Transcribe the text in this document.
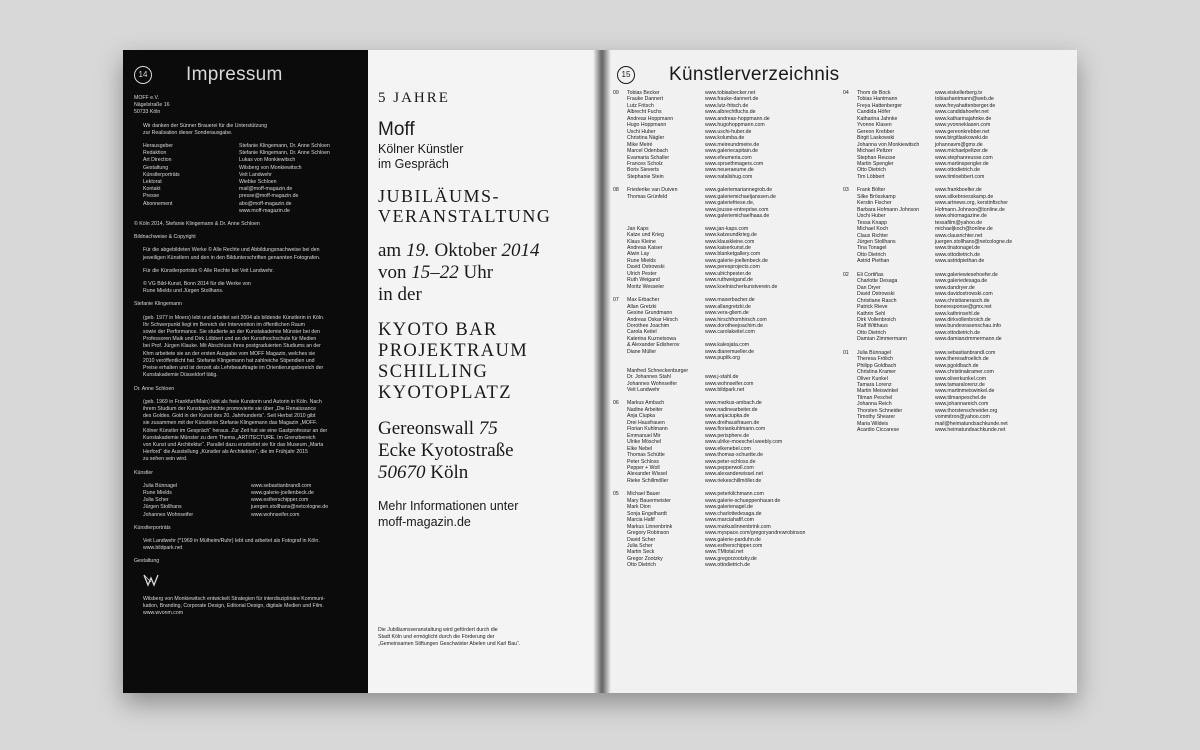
14 Impressum
MOFF e.V.
Nägelstraße 16
50733 Köln
Wir danken der Sünner Brauerei für die Unterstützung
zur Realisation dieser Sonderausgabe.
Herausgeber	Stefanie Klingemann, Dr. Anne Schloen
Redaktion	Stefanie Klingemann, Dr. Anne Schloen
Art Direction	Lukas von Monkiewitsch
Gestaltung	Wilsberg von Monkiewitsch
Künstlerporträts	Veit Landwehr
Lektorat	Wiebke Schloen
Kontakt	mail@moff-magazin.de
Presse	presse@moff-magazin.de
Abonnement	abo@moff-magazin.de
www.moff-magazin.de
© Köln 2014, Stefanie Klingemann & Dr. Anne Schloen
Bildnachweise & Copyright
Für die abgebildeten Werke © Alle Rechte und Abbildungsnachweise bei den
jeweiligen Künstlern und den in den Bildunterschriften genannten Fotografen.
Für die Künstlerporträts © Alle Rechte bei Veit Landwehr.
© VG Bild-Kunst, Bonn 2014 für die Werke von
Rune Mields und Jürgen Stollhans.
Stefanie Klingemann
(geb. 1977 in Moers) lebt und arbeitet seit 2004 als bildende Künstlerin in Köln.
Ihr Schwerpunkt liegt im Bereich der Intervention im öffentlichen Raum
sowie der Performance. Sie studierte an der Kunstakademie Münster bei den
Professoren Maik und Dirk Löbbert und an der Kunsthochschule für Medien
bei Prof. Jürgen Klauke. Mit Abschluss ihres postgraduierten Studiums an der
Khm arbeitete sie an der ersten Ausgabe vom MOFF Magazin, welches sie
2010 veröffentlicht hat. Stefanie Klingemann hat zahlreiche Stipendien und
Preise erhalten und ist derzeit als Lehrbeauftragte im Orientierungsbereich der
Kunstakademie Düsseldorf tätig.
Dr. Anne Schloen
(geb. 1969 in Frankfurt/Main) lebt als freie Kuratorin und Autorin in Köln. Nach
ihrem Studium der Kunstgeschichte promovierte sie über „Die Renaissance
des Goldes. Gold in der Kunst des 20. Jahrhunderts“. Seit Herbst 2010 gibt
sie zusammen mit der Künstlerin Stefanie Klingemann das Magazin „MOFF.
Kölner Künstler im Gespräch“ heraus. Zur Zeit hat sie eine Gastprofessur an der
Kunstakademie Münster zu dem Thema „ARTITECTURE. Im Grenzbereich
von Kunst und Architektur“. Parallel dazu erarbeitet sie für das Museum „Marta
Herford“ die Ausstellung „Künstler als Architekten“, die im Frühjahr 2015
zu sehen sein wird.
Künstler
Julia Bünnagel	www.sebastianbrandl.com
Rune Mields	www.galerie-joellenbeck.de
Julia Scher	www.estherschipper.com
Jürgen Stollhans	juergen.stollhans@netcologne.de
Johannes Wohnseifer	www.wohnseifer.com
Künstlerporträts
Veit Landwehr (*1969 in Mülheim/Ruhr) lebt und arbeitet als Fotograf in Köln.
www.bildpark.net
Gestaltung
Wilsberg von Monkiewitsch entwickelt Strategien für interdisziplinäre Kommuni-
kation, Branding, Corporate Design, Editorial Design, digitale Medien und Film.
www.wvonm.com
5 JAHRE
Moff
Kölner Künstler
im Gespräch
JUBILÄUMS-
VERANSTALTUNG
am 19. Oktober 2014
von 15–22 Uhr
in der
KYOTO BAR
PROJEKTRAUM
SCHILLING
KYOTOPLATZ
Gereonswall 75
Ecke Kyotostraße
50670 Köln
Mehr Informationen unter
moff-magazin.de
Die Jubiläumsveranstaltung wird gefördert durch die
Stadt Köln und ermöglicht durch die Förderung der
„Gemeinsamen Stiftungen Geschwister Abelen und Karl Bau“.
15 Künstlerverzeichnis
09	Tobias Becker	www.tobiasbecker.net
Frauke Dannert	www.frauke-dannert.de
Lutz Fritsch	www.lutz-fritsch.de
Albrecht Fuchs	www.albrechtfuchs.de
Andreas Hoppmann	www.andreas-hoppmann.de
Hugo Hoppmann	www.hugohoppmann.com
Uschi Huber	www.uschi-huber.de
Christina Nägler	www.kolumba.de
Mike Meiré	www.meireundmeire.de
Marcel Odenbach	www.galeriecapitain.de
Evamaria Schaller	www.efeumeria.com
Frances Scholz	www.spruethmagers.com
Boris Sieverts	www.neueraeume.de
Stephanie Stein	www.natalishug.com
08	Friederike van Duiven	www.galeriemariannegrob.de
Thomas Grünfeld	www.galeriemichaeljanssen.de
www.galeriefriese.de,
www.jousse-entreprise.com
www.galeriemichaelhaas.de
Jan Kaps	www.jan-kaps.com
Katze und Krieg	www.katzeundkrieg.de
Klaus Kleine	www.klauskleine.com
Andreas Kaiser	www.kaiserkunst.de
Alwin Lay	www.blanketgallery.com
Rune Mields	www.galerie-joellenbeck.de
David Ostrowski	www.peresprojects.com
Ulrich Pester	www.ulrichpester.de
Ruth Weigand	www.ruthweigand.de
Moritz Wesseler	www.koelnischerkunstverein.de
07	Max Erbacher	www.maxerbacher.de
Allan Gretzki	www.allangretzki.de
Gesine Grundmann	www.vera-gliem.de
Andreas Oskar Hirsch	www.hirschfromhirsch.com
Dorothee Joachim	www.dorotheejoachim.de
Carola Keitel	www.carolakeitel.com
Katerina Kuznetsowa
& Alexander Edisherov	www.kalesjata.com
Diane Müller	www.dianemueller.de
www.puplik.org
Manfred Schneckenburger
Dr. Johannes Stahl	www.j-stahl.de
Johannes Wohnseifer	www.wohnseifer.com
Veit Landwehr	www.bildpark.net
06	Markus Ambach	www.markus-ambach.de
Nadine Arbeiter	www.nadinearbeiter.de
Anja Ciupka	www.anjaciupka.de
Drei Hausfrauen	www.dreihausfrauen.de
Florian Kuhlmann	www.floriankuhlmann.com
Emmanuel Mir	www.perisphere.de
Ulrike Möschel	www.ulrike-moeschel.weebly.com
Elke Nebel	www.elkenebel.com
Thomas Schütte	www.thomas-schuette.de
Peter Schloss	www.peter-schloss.de
Pepper + Woll	www.pepperwoll.com
Alexander Wissel	www.alexanderwissel.net
Rieke Schillmöller	www.riekeschillmöller.de
05	Michael Bauer	www.peterkilchmann.com
Mary Bauermeister	www.galerie-schueppenhauer.de
Mark Dion	www.galerienagel.de
Sonja Engelhardt	www.charlottedesaga.de
Marcia Hafif	www.marciahafif.com
Markus Linnenbrink	www.markuslinnenbrink.com
Gregory Robinson	www.myspace.com/gregoryandrewrobinson
David Scher	www.galerie-parduhn.de
Julia Scher	www.estherschipper.com
Martin Seck	www.TMtotal.net
Gregor Zootzky	www.gregorzootzky.de
Otto Dietrich	www.ottodietrich.de
04	Thom de Bock	www.eiskellerberg.tv
Tobias Hantmann	tobiashantmann@web.de
Freya Hattenberger	www.freyahattenberger.de
Candida Höfer	www.candidahoefer.net
Katharina Jahnke	www.katharinajahnke.de
Yvonne Klasen	www.yvonneklasen.com
Gereon Krebber	www.gereonkrebber.net
Birgit Laskowski	www.birgitlaskowski.de
Johanna von Monkiewitsch	johannavm@gmx.de
Michael Peltzer	www.michaelpeltzer.de
Stephan Reusse	www.stephanreusse.com
Martin Spengler	www.martinspengler.de
Otto Dietrich	www.ottodietrich.de
Tim Löbbert	www.timloebbert.com
03	Frank Bölter	www.frankboelter.de
Silke Brösskamp	www.silkebroesskamp.de
Kerstin Fischer	www.artnews.org, kerstinfischer
Barbara Hofmann Johnson	Hofmann.Johnson@tonline.de
Uschi Huber	www.ohiomagazine.de
Tessa Knapp	tessafilm@yahoo.de
Michael Koch	michaeljkoch@tonline.de
Claus Richter	www.clausrichter.net
Jürgen Stollhans	juergen.stollhans@netcologne.de
Tina Tonagel	www.tinatonagel.de
Otto Dietrich	www.ottodietrich.de
Astrid Piethan	www.astridpiethan.de
02	Eli Cortiñas	www.galeriewiesehoefer.de
Charlotte Desaga	www.galeriedesaga.de
Dan Dryer	www.dandryer.de
David Ostrowski	www.davidostrowski.com
Christiane Rasch	www.christianerasch.de
Patrick Rieve	boneresponse@gmx.net
Kathrin Sehl	www.kathrinsehl.de
Dirk Vollenbroich	www.dirkvollenbroich.de
Ralf Witthaus	www.bundesrasenschau.info
Otto Dietrich	www.ottodietrich.de
Damian Zimmermann	www.damianzimmermann.de
01	Julia Bünnagel	www.sebastianbrandl.com
Theresa Frölich	www.theresafroelich.de
Philipp Goldbach	www.pgoldbach.de
Christina Kramer	www.christinakramer.com
Oliver Kunkel	www.oliverkunkel.com
Tamara Lorenz	www.tamaralorenz.de
Martin Meiswinkel	www.martinmeiswinkel.de
Tilman Peschel	www.tilmanpeschel.de
Johanna Reich	www.johannareich.com
Thorsten Schneider	www.thorstenschneider.org
Timothy Shearer	vommitron@yahoo.com
Maria Wildeis	mail@heimatundsachkunde.net
Acardio Ciccarese	www.heimatundsachkunde.net
